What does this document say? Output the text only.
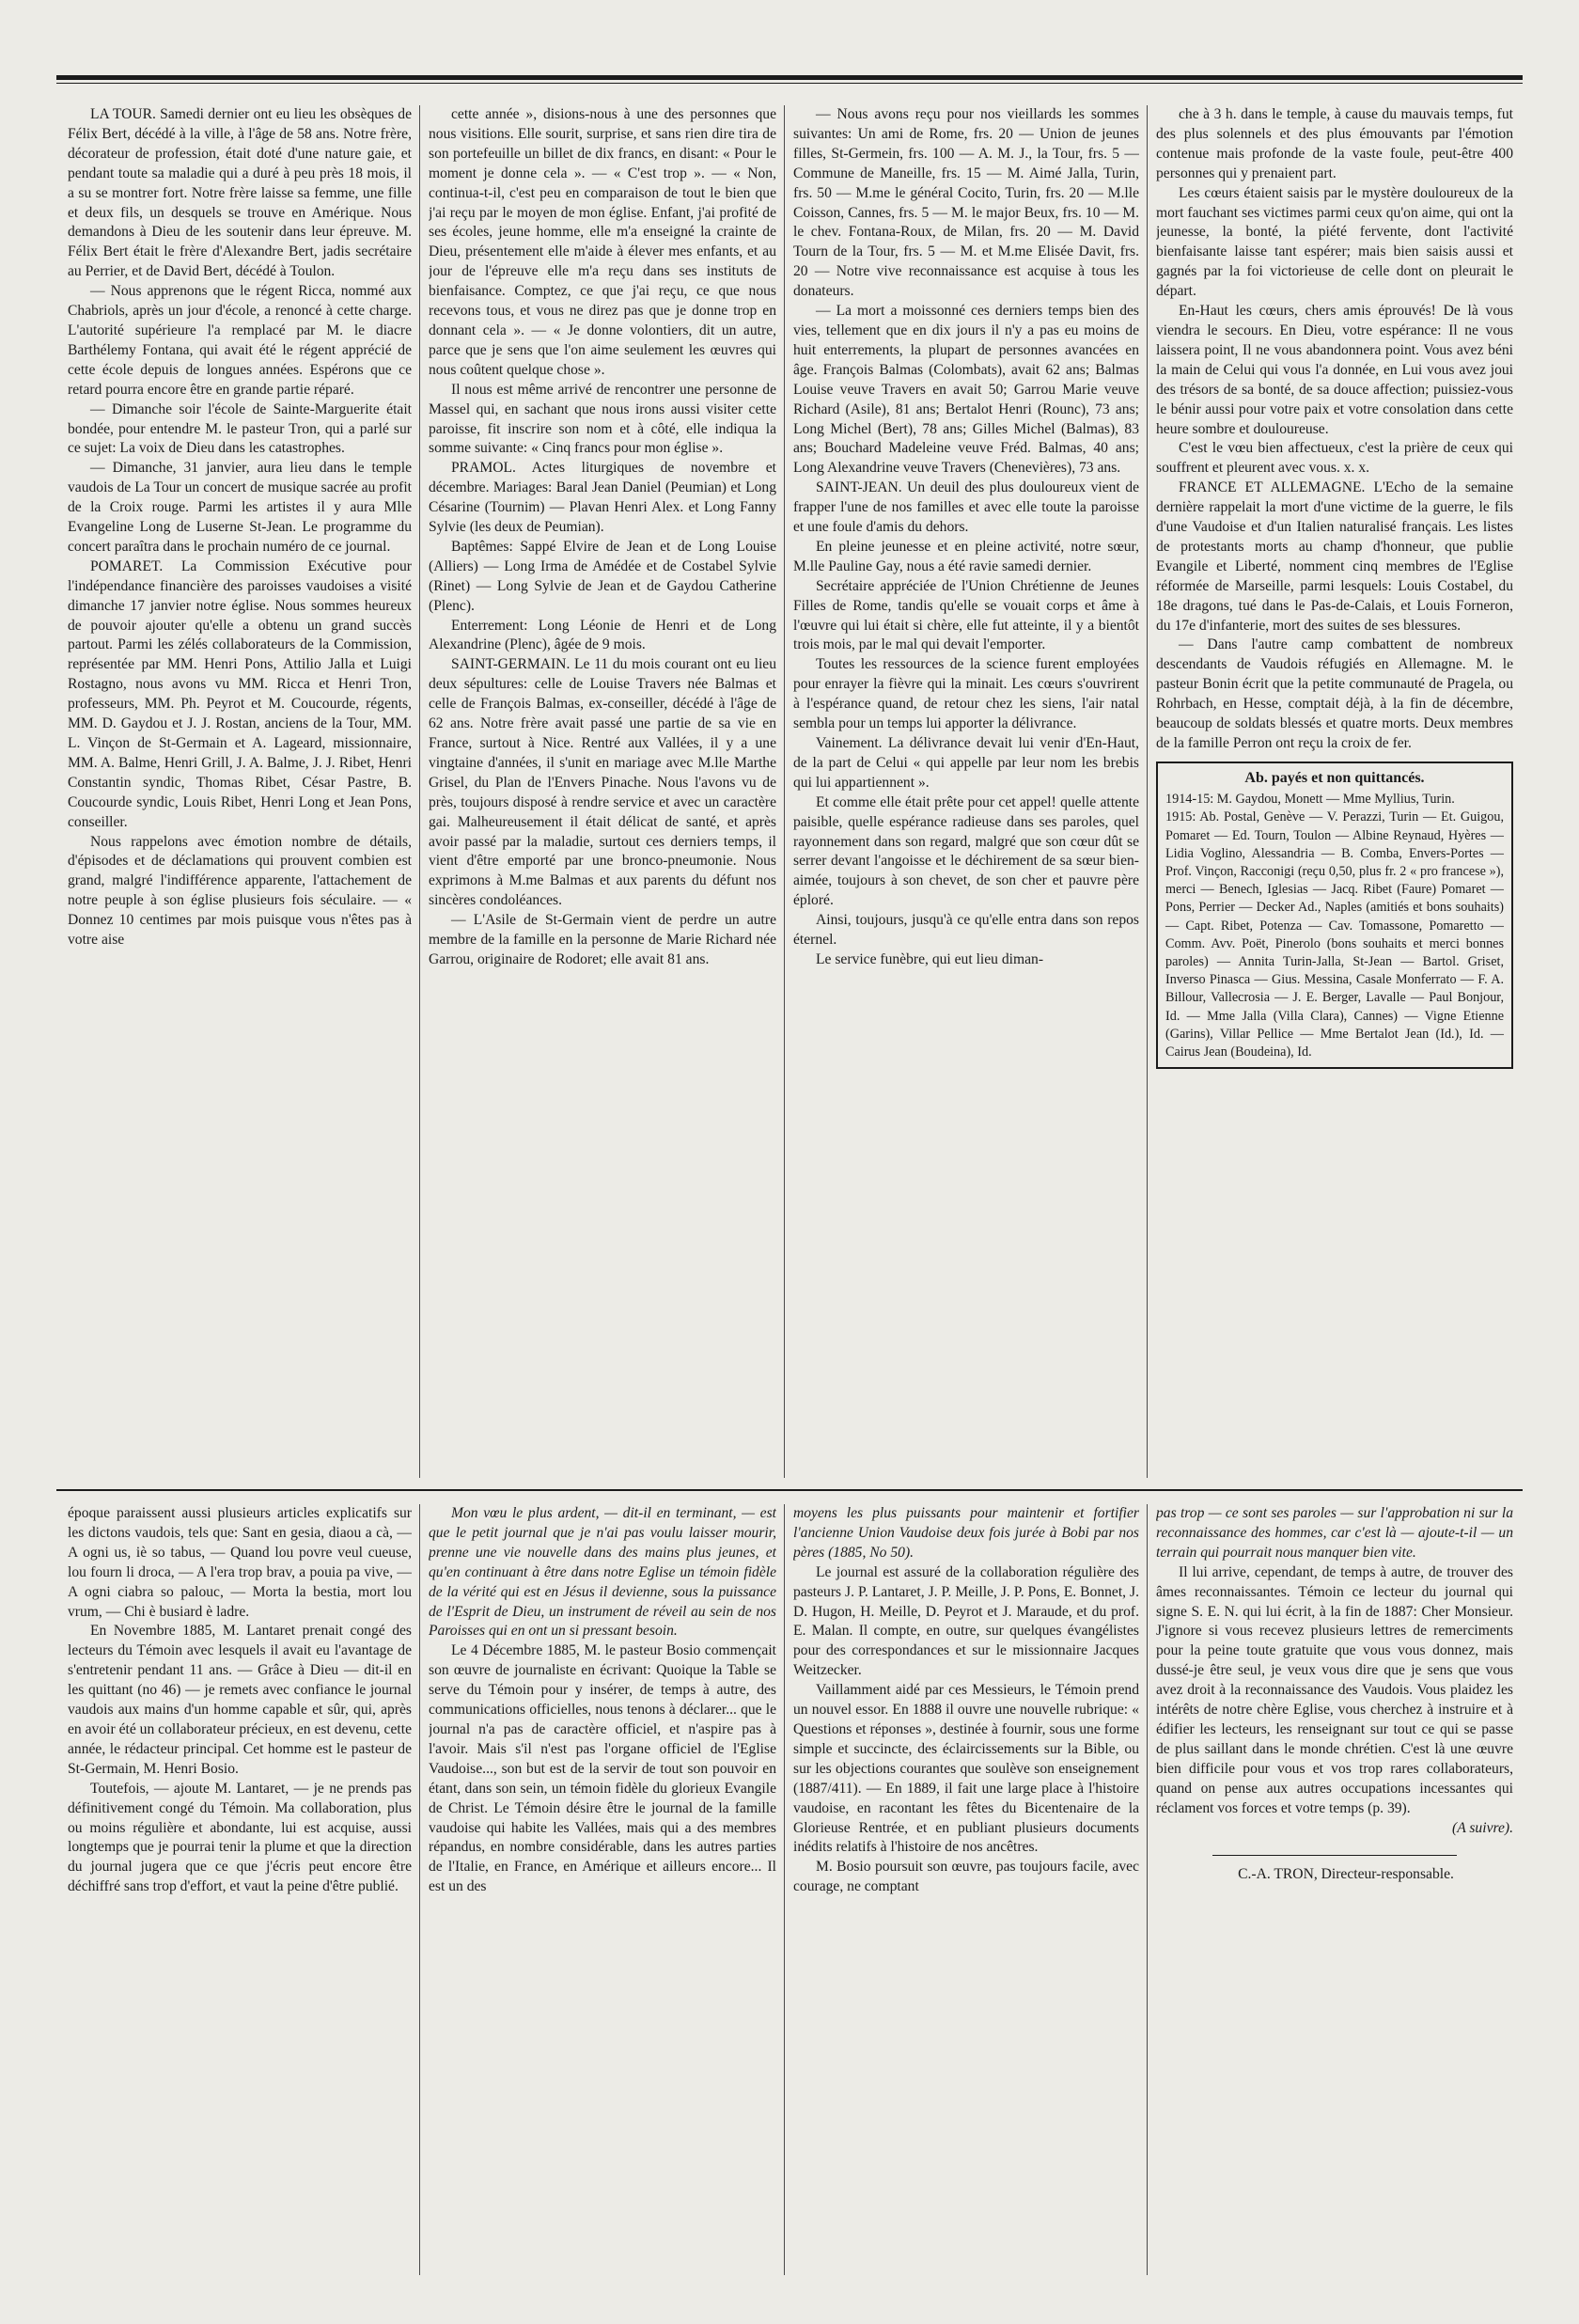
LA TOUR. Samedi dernier ont eu lieu les obsèques de Félix Bert, décédé à la ville, à l'âge de 58 ans. Notre frère, décorateur de profession, était doté d'une nature gaie, et pendant toute sa maladie qui a duré à peu près 18 mois, il a su se montrer fort. Notre frère laisse sa femme, une fille et deux fils, un desquels se trouve en Amérique. Nous demandons à Dieu de les soutenir dans leur épreuve. M. Félix Bert était le frère d'Alexandre Bert, jadis secrétaire au Perrier, et de David Bert, décédé à Toulon.

— Nous apprenons que le régent Ricca, nommé aux Chabriols, après un jour d'école, a renoncé à cette charge. L'autorité supérieure l'a remplacé par M. le diacre Barthélemy Fontana, qui avait été le régent apprécié de cette école depuis de longues années. Espérons que ce retard pourra encore être en grande partie réparé.

— Dimanche soir l'école de Sainte-Marguerite était bondée, pour entendre M. le pasteur Tron, qui a parlé sur ce sujet: La voix de Dieu dans les catastrophes.

— Dimanche, 31 janvier, aura lieu dans le temple vaudois de La Tour un concert de musique sacrée au profit de la Croix rouge. Parmi les artistes il y aura Mlle Evangeline Long de Luserne St-Jean. Le programme du concert paraîtra dans le prochain numéro de ce journal.

POMARET. La Commission Exécutive pour l'indépendance financière des paroisses vaudoises a visité dimanche 17 janvier notre église. Nous sommes heureux de pouvoir ajouter qu'elle a obtenu un grand succès partout. Parmi les zélés collaborateurs de la Commission, représentée par MM. Henri Pons, Attilio Jalla et Luigi Rostagno, nous avons vu MM. Ricca et Henri Tron, professeurs, MM. Ph. Peyrot et M. Coucourde, régents, MM. D. Gaydou et J. J. Rostan, anciens de la Tour, MM. L. Vinçon de St-Germain et A. Lageard, missionnaire, MM. A. Balme, Henri Grill, J. A. Balme, J. J. Ribet, Henri Constantin syndic, Thomas Ribet, César Pastre, B. Coucourde syndic, Louis Ribet, Henri Long et Jean Pons, conseiller.

Nous rappelons avec émotion nombre de détails, d'épisodes et de déclamations qui prouvent combien est grand, malgré l'indifférence apparente, l'attachement de notre peuple à son église plusieurs fois séculaire. — « Donnez 10 centimes par mois puisque vous n'êtes pas à votre aise

cette année », disions-nous à une des personnes que nous visitions. Elle sourit, surprise, et sans rien dire tira de son portefeuille un billet de dix francs, en disant: « Pour le moment je donne cela ». — « C'est trop ». — « Non, continua-t-il, c'est peu en comparaison de tout le bien que j'ai reçu par le moyen de mon église. Enfant, j'ai profité de ses écoles, jeune homme, elle m'a enseigné la crainte de Dieu, présentement elle m'aide à élever mes enfants, et au jour de l'épreuve elle m'a reçu dans ses instituts de bienfaisance. Comptez, ce que j'ai reçu, ce que nous recevons tous, et vous ne direz pas que je donne trop en donnant cela ». — « Je donne volontiers, dit un autre, parce que je sens que l'on aime seulement les œuvres qui nous coûtent quelque chose ».

Il nous est même arrivé de rencontrer une personne de Massel qui, en sachant que nous irons aussi visiter cette paroisse, fit inscrire son nom et à côté, elle indiqua la somme suivante: « Cinq francs pour mon église ».

PRAMOL. Actes liturgiques de novembre et décembre. Mariages: Baral Jean Daniel (Peumian) et Long Césarine (Tournim) — Plavan Henri Alex. et Long Fanny Sylvie (les deux de Peumian).

Baptêmes: Sappé Elvire de Jean et de Long Louise (Alliers) — Long Irma de Amédée et de Costabel Sylvie (Rinet) — Long Sylvie de Jean et de Gaydou Catherine (Plenc).

Enterrement: Long Léonie de Henri et de Long Alexandrine (Plenc), âgée de 9 mois.

SAINT-GERMAIN. Le 11 du mois courant ont eu lieu deux sépultures: celle de Louise Travers née Balmas et celle de François Balmas, ex-conseiller, décédé à l'âge de 62 ans. Notre frère avait passé une partie de sa vie en France, surtout à Nice. Rentré aux Vallées, il y a une vingtaine d'années, il s'unit en mariage avec M.lle Marthe Grisel, du Plan de l'Envers Pinache. Nous l'avons vu de près, toujours disposé à rendre service et avec un caractère gai. Malheureusement il était délicat de santé, et après avoir passé par la maladie, surtout ces derniers temps, il vient d'être emporté par une bronco-pneumonie. Nous exprimons à M.me Balmas et aux parents du défunt nos sincères condoléances.

— L'Asile de St-Germain vient de perdre un autre membre de la famille en la personne de Marie Richard née Garrou, originaire de Rodoret; elle avait 81 ans.

— Nous avons reçu pour nos vieillards les sommes suivantes: Un ami de Rome, frs. 20 — Union de jeunes filles, St-Germein, frs. 100 — A. M. J., la Tour, frs. 5 — Commune de Maneille, frs. 15 — M. Aimé Jalla, Turin, frs. 50 — M.me le général Cocito, Turin, frs. 20 — M.lle Coisson, Cannes, frs. 5 — M. le major Beux, frs. 10 — M. le chev. Fontana-Roux, de Milan, frs. 20 — M. David Tourn de la Tour, frs. 5 — M. et M.me Elisée Davit, frs. 20 — Notre vive reconnaissance est acquise à tous les donateurs.

— La mort a moissonné ces derniers temps bien des vies, tellement que en dix jours il n'y a pas eu moins de huit enterrements, la plupart de personnes avancées en âge. François Balmas (Colombats), avait 62 ans; Balmas Louise veuve Travers en avait 50; Garrou Marie veuve Richard (Asile), 81 ans; Bertalot Henri (Rounc), 73 ans; Long Michel (Bert), 78 ans; Gilles Michel (Balmas), 83 ans; Bouchard Madeleine veuve Fréd. Balmas, 40 ans; Long Alexandrine veuve Travers (Chenevières), 73 ans.

SAINT-JEAN. Un deuil des plus douloureux vient de frapper l'une de nos familles et avec elle toute la paroisse et une foule d'amis du dehors.

En pleine jeunesse et en pleine activité, notre sœur, M.lle Pauline Gay, nous a été ravie samedi dernier.

Secrétaire appréciée de l'Union Chrétienne de Jeunes Filles de Rome, tandis qu'elle se vouait corps et âme à l'œuvre qui lui était si chère, elle fut atteinte, il y a bientôt trois mois, par le mal qui devait l'emporter.

Toutes les ressources de la science furent employées pour enrayer la fièvre qui la minait. Les cœurs s'ouvrirent à l'espérance quand, de retour chez les siens, l'air natal sembla pour un temps lui apporter la délivrance.

Vainement. La délivrance devait lui venir d'En-Haut, de la part de Celui « qui appelle par leur nom les brebis qui lui appartiennent ».

Et comme elle était prête pour cet appel! quelle attente paisible, quelle espérance radieuse dans ses paroles, quel rayonnement dans son regard, malgré que son cœur dût se serrer devant l'angoisse et le déchirement de sa sœur bien-aimée, toujours à son chevet, de son cher et pauvre père éploré.

Ainsi, toujours, jusqu'à ce qu'elle entra dans son repos éternel.

Le service funèbre, qui eut lieu diman-

che à 3 h. dans le temple, à cause du mauvais temps, fut des plus solennels et des plus émouvants par l'émotion contenue mais profonde de la vaste foule, peut-être 400 personnes qui y prenaient part.

Les cœurs étaient saisis par le mystère douloureux de la mort fauchant ses victimes parmi ceux qu'on aime, qui ont la jeunesse, la bonté, la piété fervente, dont l'activité bienfaisante laisse tant espérer; mais bien saisis aussi et gagnés par la foi victorieuse de celle dont on pleurait le départ.

En-Haut les cœurs, chers amis éprouvés! De là vous viendra le secours. En Dieu, votre espérance: Il ne vous laissera point, Il ne vous abandonnera point. Vous avez béni la main de Celui qui vous l'a donnée, en Lui vous avez joui des trésors de sa bonté, de sa douce affection; puissiez-vous le bénir aussi pour votre paix et votre consolation dans cette heure sombre et douloureuse.

C'est le vœu bien affectueux, c'est la prière de ceux qui souffrent et pleurent avec vous. x. x.

FRANCE ET ALLEMAGNE. L'Echo de la semaine dernière rappelait la mort d'une victime de la guerre, le fils d'une Vaudoise et d'un Italien naturalisé français. Les listes de protestants morts au champ d'honneur, que publie Evangile et Liberté, nomment cinq membres de l'Eglise réformée de Marseille, parmi lesquels: Louis Costabel, du 18e dragons, tué dans le Pas-de-Calais, et Louis Forneron, du 17e d'infanterie, mort des suites de ses blessures.

— Dans l'autre camp combattent de nombreux descendants de Vaudois réfugiés en Allemagne. M. le pasteur Bonin écrit que la petite communauté de Pragela, ou Rohrbach, en Hesse, comptait déjà, à la fin de décembre, beaucoup de soldats blessés et quatre morts. Deux membres de la famille Perron ont reçu la croix de fer.

Ab. payés et non quittancés.

1914-15: M. Gaydou, Monett — Mme Myllius, Turin.

1915: Ab. Postal, Genève — V. Perazzi, Turin — Et. Guigou, Pomaret — Ed. Tourn, Toulon — Albine Reynaud, Hyères — Lidia Voglino, Alessandria — B. Comba, Envers-Portes — Prof. Vinçon, Racconigi (reçu 0,50, plus fr. 2 « pro francese »), merci — Benech, Iglesias — Jacq. Ribet (Faure) Pomaret — Pons, Perrier — Decker Ad., Naples (amitiés et bons souhaits) — Capt. Ribet, Potenza — Cav. Tomassone, Pomaretto — Comm. Avv. Poët, Pinerolo (bons souhaits et merci bonnes paroles) — Annita Turin-Jalla, St-Jean — Bartol. Griset, Inverso Pinasca — Gius. Messina, Casale Monferrato — F. A. Billour, Vallecrosia — J. E. Berger, Lavalle — Paul Bonjour, Id. — Mme Jalla (Villa Clara), Cannes) — Vigne Etienne (Garins), Villar Pellice — Mme Bertalot Jean (Id.), Id. — Cairus Jean (Boudeina), Id.

époque paraissent aussi plusieurs articles explicatifs sur les dictons vaudois, tels que: Sant en gesia, diaou a cà, — A ogni us, iè so tabus, — Quand lou povre veul cueuse, lou fourn li droca, — A l'era trop brav, a pouia pa vive, — A ogni ciabra so palouc, — Morta la bestia, mort lou vrum, — Chi è busiard è ladre.

En Novembre 1885, M. Lantaret prenait congé des lecteurs du Témoin avec lesquels il avait eu l'avantage de s'entretenir pendant 11 ans. — Grâce à Dieu — dit-il en les quittant (no 46) — je remets avec confiance le journal vaudois aux mains d'un homme capable et sûr, qui, après en avoir été un collaborateur précieux, en est devenu, cette année, le rédacteur principal. Cet homme est le pasteur de St-Germain, M. Henri Bosio.

Toutefois, — ajoute M. Lantaret, — je ne prends pas définitivement congé du Témoin. Ma collaboration, plus ou moins régulière et abondante, lui est acquise, aussi longtemps que je pourrai tenir la plume et que la direction du journal jugera que ce que j'écris peut encore être déchiffré sans trop d'effort, et vaut la peine d'être publié.

Mon vœu le plus ardent, — dit-il en terminant, — est que le petit journal que je n'ai pas voulu laisser mourir, prenne une vie nouvelle dans des mains plus jeunes, et qu'en continuant à être dans notre Eglise un témoin fidèle de la vérité qui est en Jésus il devienne, sous la puissance de l'Esprit de Dieu, un instrument de réveil au sein de nos Paroisses qui en ont un si pressant besoin.

Le 4 Décembre 1885, M. le pasteur Bosio commençait son œuvre de journaliste en écrivant: Quoique la Table se serve du Témoin pour y insérer, de temps à autre, des communications officielles, nous tenons à déclarer... que le journal n'a pas de caractère officiel, et n'aspire pas à l'avoir. Mais s'il n'est pas l'organe officiel de l'Eglise Vaudoise..., son but est de la servir de tout son pouvoir en étant, dans son sein, un témoin fidèle du glorieux Evangile de Christ. Le Témoin désire être le journal de la famille vaudoise qui habite les Vallées, mais qui a des membres répandus, en nombre considérable, dans les autres parties de l'Italie, en France, en Amérique et ailleurs encore... Il est un des

moyens les plus puissants pour maintenir et fortifier l'ancienne Union Vaudoise deux fois jurée à Bobi par nos pères (1885, No 50).

Le journal est assuré de la collaboration régulière des pasteurs J. P. Lantaret, J. P. Meille, J. P. Pons, E. Bonnet, J. D. Hugon, H. Meille, D. Peyrot et J. Maraude, et du prof. E. Malan. Il compte, en outre, sur quelques évangélistes pour des correspondances et sur le missionnaire Jacques Weitzecker.

Vaillamment aidé par ces Messieurs, le Témoin prend un nouvel essor. En 1888 il ouvre une nouvelle rubrique: « Questions et réponses », destinée à fournir, sous une forme simple et succincte, des éclaircissements sur la Bible, ou sur les objections courantes que soulève son enseignement (1887/411). — En 1889, il fait une large place à l'histoire vaudoise, en racontant les fêtes du Bicentenaire de la Glorieuse Rentrée, et en publiant plusieurs documents inédits relatifs à l'histoire de nos ancêtres.

M. Bosio poursuit son œuvre, pas toujours facile, avec courage, ne comptant

pas trop — ce sont ses paroles — sur l'approbation ni sur la reconnaissance des hommes, car c'est là — ajoute-t-il — un terrain qui pourrait nous manquer bien vite.

Il lui arrive, cependant, de temps à autre, de trouver des âmes reconnaissantes. Témoin ce lecteur du journal qui signe S. E. N. qui lui écrit, à la fin de 1887: Cher Monsieur. J'ignore si vous recevez plusieurs lettres de remerciments pour la peine toute gratuite que vous vous donnez, mais dussé-je être seul, je veux vous dire que je sens que vous avez droit à la reconnaissance des Vaudois. Vous plaidez les intérêts de notre chère Eglise, vous cherchez à instruire et à édifier les lecteurs, les renseignant sur tout ce qui se passe de plus saillant dans le monde chrétien. C'est là une œuvre bien difficile pour vous et vos trop rares collaborateurs, quand on pense aux autres occupations incessantes qui réclament vos forces et votre temps (p. 39).

(A suivre).

C.-A. TRON, Directeur-responsable.
